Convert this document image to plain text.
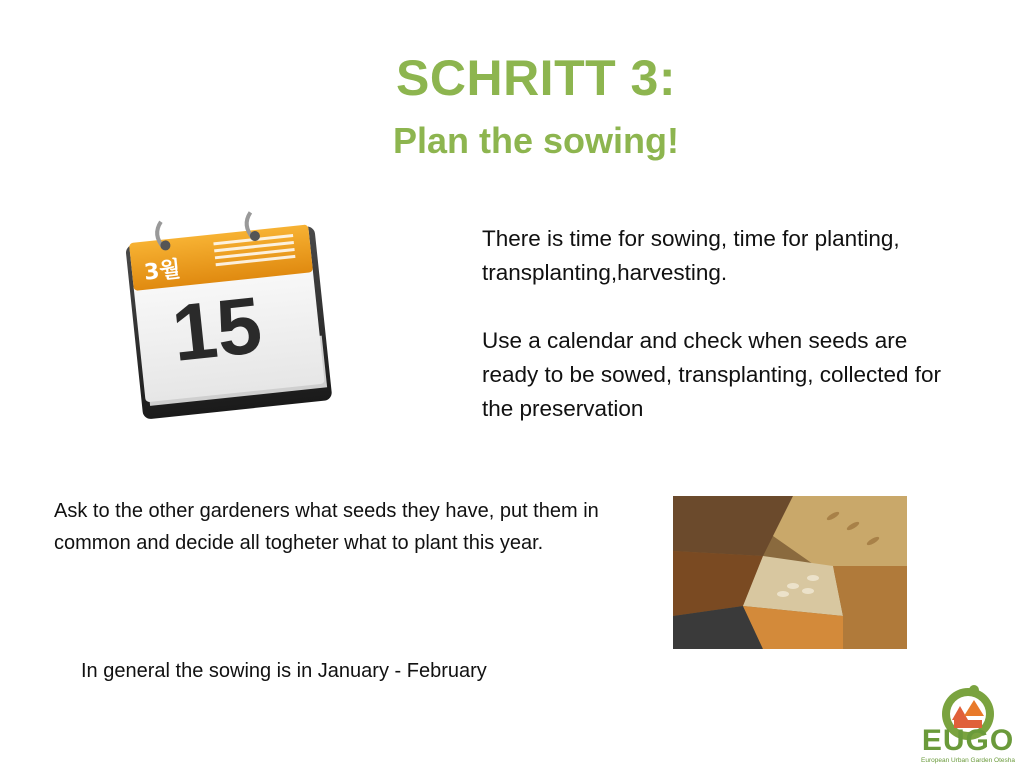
SCHRITT 3:
Plan the sowing!
3월
15
There is time for sowing, time for planting, transplanting,harvesting.
Use a calendar and check when seeds are ready to be sowed, transplanting, collected for the preservation
Ask to the other gardeners what seeds they have, put them in common and decide all togheter what to plant this year.
In general the sowing is in January - February
EUGO
European Urban Garden Otesha
